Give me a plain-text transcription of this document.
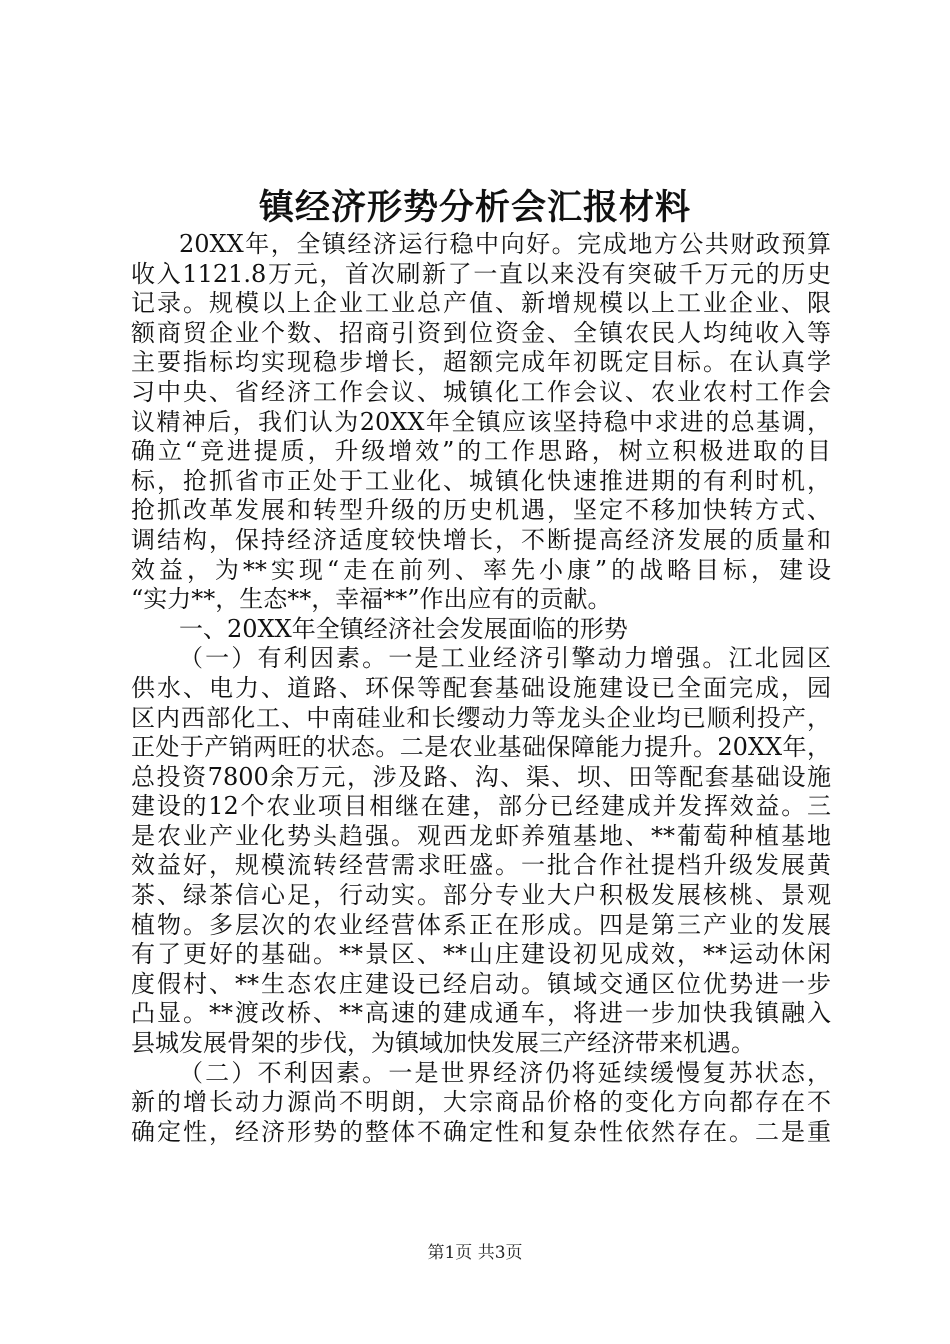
镇经济形势分析会汇报材料
20XX年，全镇经济运行稳中向好。完成地方公共财政预算
收入1121.8万元，首次刷新了一直以来没有突破千万元的历史
记录。规模以上企业工业总产值、新增规模以上工业企业、限
额商贸企业个数、招商引资到位资金、全镇农民人均纯收入等
主要指标均实现稳步增长，超额完成年初既定目标。在认真学
习中央、省经济工作会议、城镇化工作会议、农业农村工作会
议精神后，我们认为20XX年全镇应该坚持稳中求进的总基调，
确立“竞进提质，升级增效”的工作思路，树立积极进取的目
标，抢抓省市正处于工业化、城镇化快速推进期的有利时机，
抢抓改革发展和转型升级的历史机遇，坚定不移加快转方式、
调结构，保持经济适度较快增长，不断提高经济发展的质量和
效益，为**实现“走在前列、率先小康”的战略目标，建设
“实力**，生态**，幸福**”作出应有的贡献。
一、20XX年全镇经济社会发展面临的形势
（一）有利因素。一是工业经济引擎动力增强。江北园区
供水、电力、道路、环保等配套基础设施建设已全面完成，园
区内西部化工、中南硅业和长缨动力等龙头企业均已顺利投产，
正处于产销两旺的状态。二是农业基础保障能力提升。20XX年，
总投资7800余万元，涉及路、沟、渠、坝、田等配套基础设施
建设的12个农业项目相继在建，部分已经建成并发挥效益。三
是农业产业化势头趋强。观西龙虾养殖基地、**葡萄种植基地
效益好，规模流转经营需求旺盛。一批合作社提档升级发展黄
茶、绿茶信心足，行动实。部分专业大户积极发展核桃、景观
植物。多层次的农业经营体系正在形成。四是第三产业的发展
有了更好的基础。**景区、**山庄建设初见成效，**运动休闲
度假村、**生态农庄建设已经启动。镇域交通区位优势进一步
凸显。**渡改桥、**高速的建成通车，将进一步加快我镇融入
县城发展骨架的步伐，为镇域加快发展三产经济带来机遇。
（二）不利因素。一是世界经济仍将延续缓慢复苏状态，
新的增长动力源尚不明朗，大宗商品价格的变化方向都存在不
确定性，经济形势的整体不确定性和复杂性依然存在。二是重
第1页 共3页
